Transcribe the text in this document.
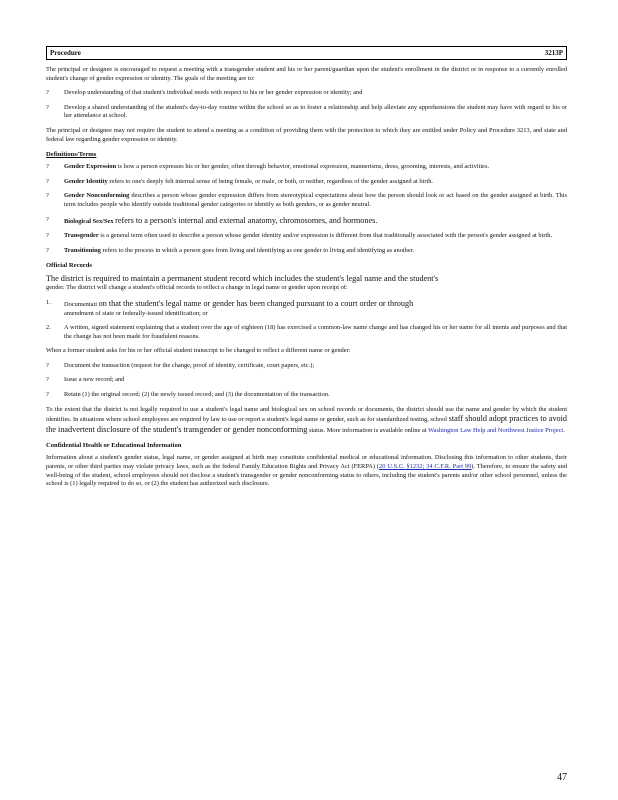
Procedure	3213P

The principal or designee is encouraged to request a meeting with a transgender student and his or her parent/guardian upon the student's enrollment in the district or in response to a currently enrolled student's change of gender expression or identity. The goals of the meeting are to:

?	Develop understanding of that student's individual needs with respect to his or her gender expression or identity; and
?	Develop a shared understanding of the student's day-to-day routine within the school so as to foster a relationship and help alleviate any apprehensions the student may have with regard to his or her attendance at school.

The principal or designee may not require the student to attend a meeting as a condition of providing them with the protection to which they are entitled under Policy and Procedure 3213, and state and federal law regarding gender expression or identity.

Definitions/Terms
?	Gender Expression is how a person expresses his or her gender, often through behavior, emotional expression, mannerisms, dress, grooming, interests, and activities.
?	Gender Identity refers to one's deeply felt internal sense of being female, or male, or both, or neither, regardless of the gender assigned at birth.
?	Gender Nonconforming describes a person whose gender expression differs from stereotypical expectations about how the person should look or act based on the gender assigned at birth. This term includes people who identify outside traditional gender categories or identify as both genders, or as gender neutral.
?	Biological Sex/Sex refers to a person's internal and external anatomy, chromosomes, and hormones.
?	Transgender is a general term often used to describe a person whose gender identity and/or expression is different from that traditionally associated with the person's gender assigned at birth.
?	Transitioning refers to the process in which a person goes from living and identifying as one gender to living and identifying as another.
Official Records

The district is required to maintain a permanent student record which includes the student's legal name and the student's

gender. The district will change a student's official records to reflect a change in legal name or gender upon receipt of:

1.	Documentati on that the student's legal name or gender has been changed pursuant to a court order or through
amendment of state or federally-issued identification; or
2.	A written, signed statement explaining that a student over the age of eighteen (18) has exercised a common-law name change and has changed his or her name for all intents and purposes and that the change has not been made for fraudulent reasons.

When a former student asks for his or her official student transcript to be changed to reflect a different name or gender:

?	Document the transaction (request for the change, proof of identity, certificate, court papers, etc.);
?	Issue a new record; and
?	Retain (1) the original record; (2) the newly issued record; and (3) the documentation of the transaction.

To the extent that the district is not legally required to use a student's legal name and biological sex on school records or documents, the district should use the name and gender by which the student identifies. In situations where school employees are required by law to use or report a student's legal name or gender, such as for standardized testing, school staff should adopt practices to avoid the inadvertent disclosure of the student's transgender or gender nonconforming status. More information is available online at Washington Law Help and Northwest Justice Project.

Confidential Health or Educational Information

Information about a student's gender status, legal name, or gender assigned at birth may constitute confidential medical or educational information. Disclosing this information to other students, their parents, or other third parties may violate privacy laws, such as the federal Family Education Rights and Privacy Act (FERPA) (20 U.S.C. §1232; 34 C.F.R. Part 99). Therefore, to ensure the safety and well-being of the student, school employees should not disclose a student's transgender or gender nonconforming status to others, including the student's parents and/or other school personnel, unless the school is (1) legally required to do so, or (2) the student has authorized such disclosure.

47
